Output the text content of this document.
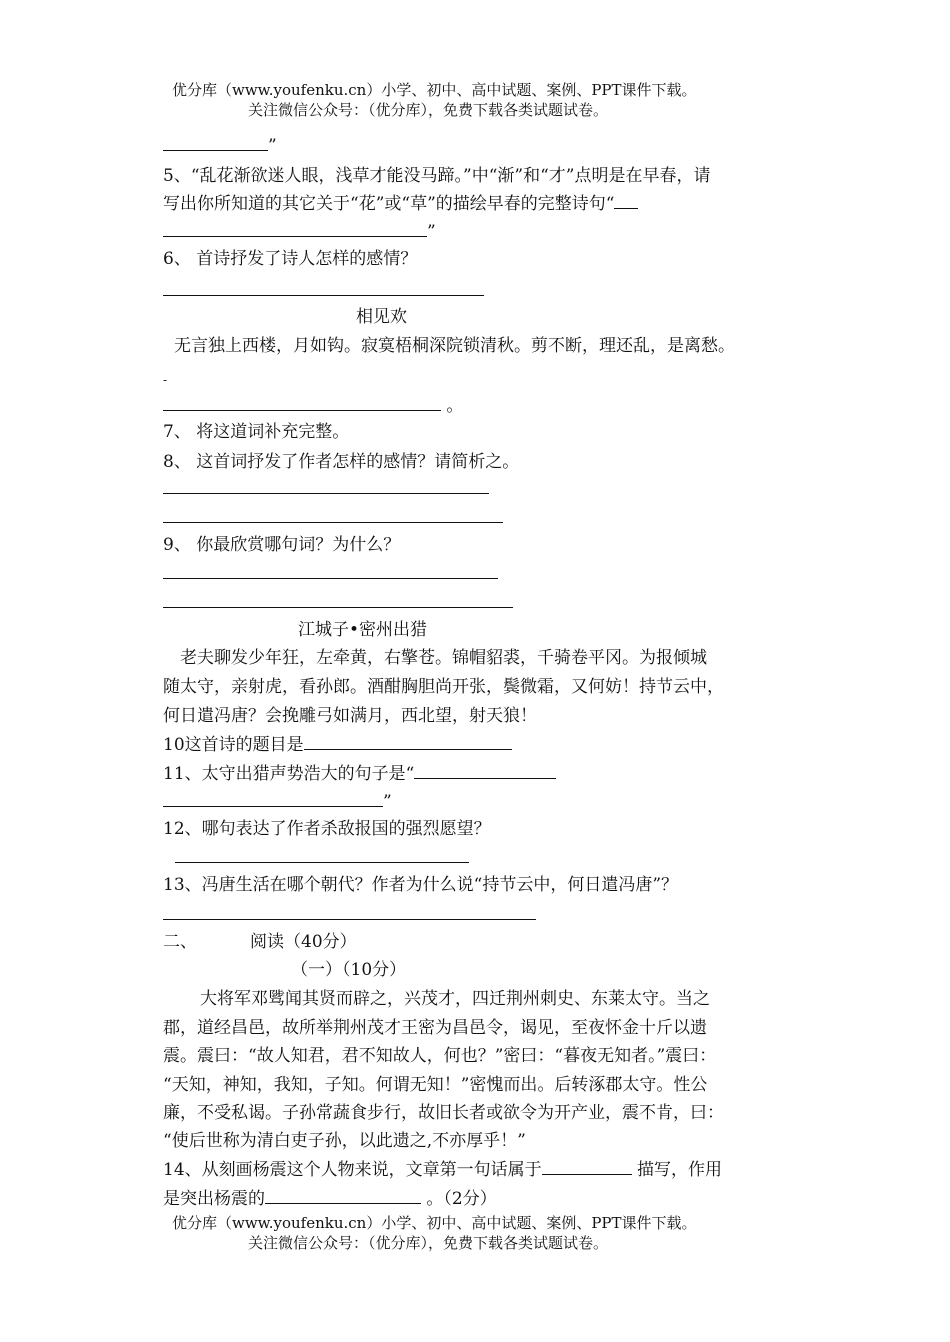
优分库（www.youfenku.cn）小学、初中、高中试题、案例、PPT课件下载。
关注微信公众号：（优分库），免费下载各类试题试卷。
”
5、“乱花渐欲迷人眼，浅草才能没马蹄。”中“渐”和“才”点明是在早春，请
写出你所知道的其它关于“花”或“草”的描绘早春的完整诗句“
”
6、 首诗抒发了诗人怎样的感情？
相见欢
无言独上西楼，月如钩。寂寞梧桐深院锁清秋。剪不断，理还乱，是离愁。
-
。
7、 将这道词补充完整。
8、 这首词抒发了作者怎样的感情？请简析之。
9、 你最欣赏哪句词？为什么？
江城子•密州出猎
老夫聊发少年狂，左牵黄，右擎苍。锦帽貂裘，千骑卷平冈。为报倾城
随太守，亲射虎，看孙郎。酒酣胸胆尚开张，鬓微霜，又何妨！持节云中，
何日遣冯唐？会挽雕弓如满月，西北望，射天狼！
10这首诗的题目是
11、太守出猎声势浩大的句子是“
”
12、哪句表达了作者杀敌报国的强烈愿望？
13、冯唐生活在哪个朝代？作者为什么说“持节云中，何日遣冯唐”？
二、	阅读（40分）
（一）（10分）
大将军邓骘闻其贤而辟之，兴茂才，四迁荆州刺史、东莱太守。当之
郡，道经昌邑，故所举荆州茂才王密为昌邑令，谒见，至夜怀金十斤以遗
震。震曰：“故人知君，君不知故人，何也？”密曰：“暮夜无知者。”震曰：
“天知，神知，我知，子知。何谓无知！”密愧而出。后转涿郡太守。性公
廉，不受私谒。子孙常蔬食步行，故旧长者或欲令为开产业，震不肯，曰：
“使后世称为清白吏子孙，以此遗之,不亦厚乎！”
14、从刻画杨震这个人物来说，文章第一句话属于	描写，作用
是突出杨震的	。（2分）
优分库（www.youfenku.cn）小学、初中、高中试题、案例、PPT课件下载。
关注微信公众号：（优分库），免费下载各类试题试卷。
